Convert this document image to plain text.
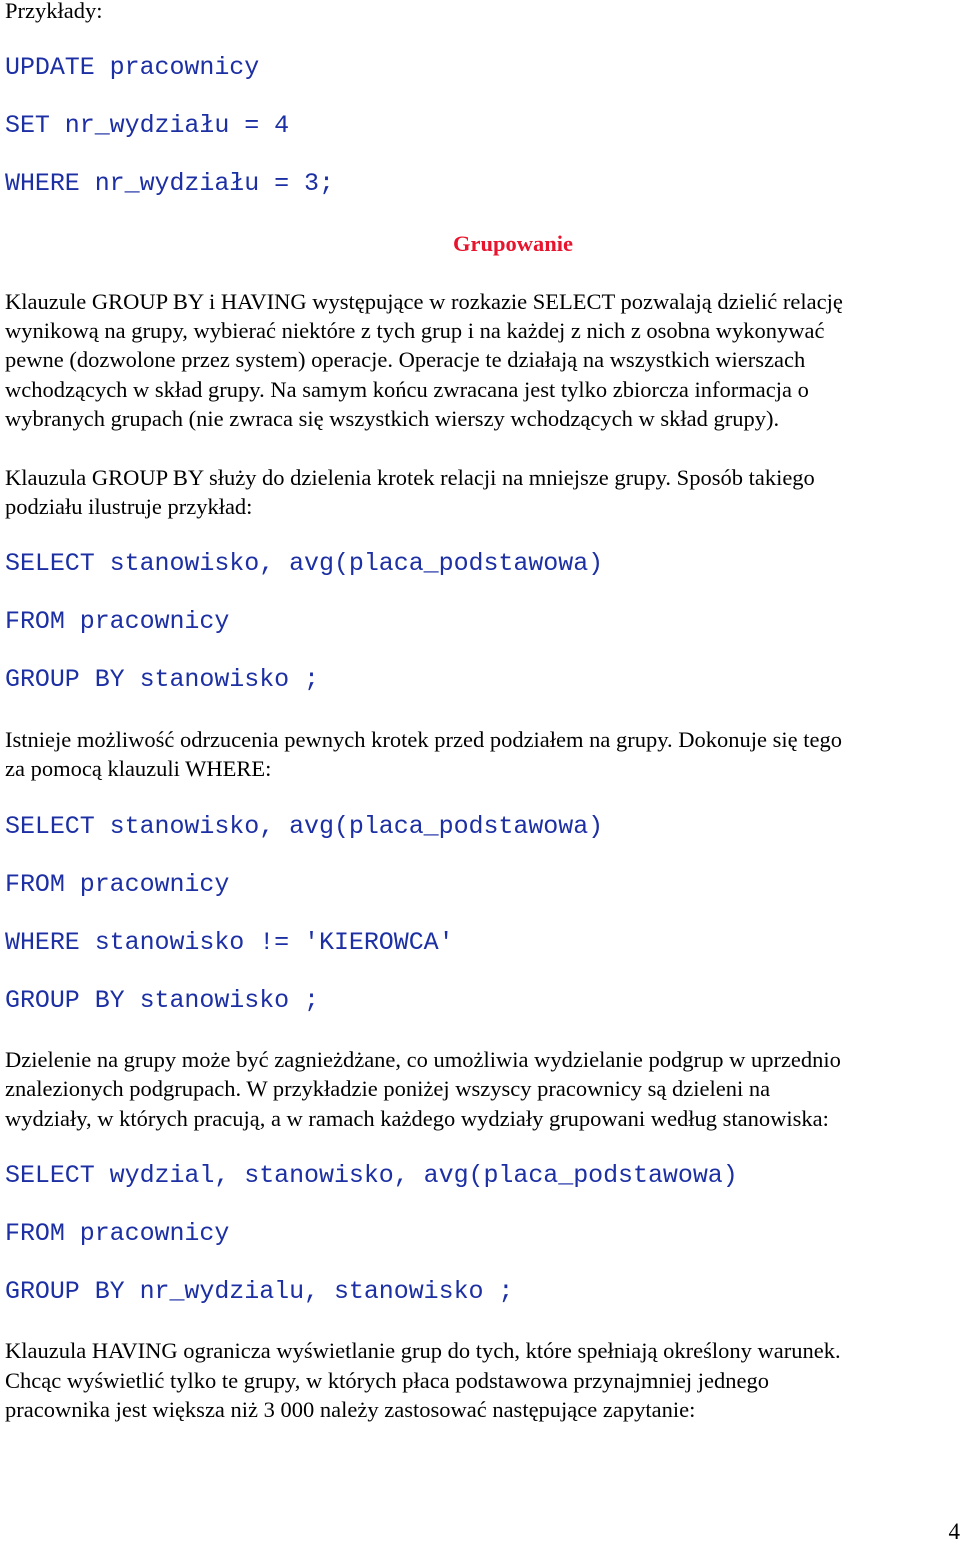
Przykłady:
UPDATE pracownicy
SET nr_wydziału = 4
WHERE nr_wydziału = 3;
Grupowanie
Klauzule GROUP BY i HAVING występujące w rozkazie SELECT pozwalają dzielić relację
wynikową na grupy, wybierać niektóre z tych grup i na każdej z nich z osobna wykonywać
pewne (dozwolone przez system) operacje. Operacje te działają na wszystkich wierszach
wchodzących w skład grupy. Na samym końcu zwracana jest tylko zbiorcza informacja o
wybranych grupach (nie zwraca się wszystkich wierszy wchodzących w skład grupy).
Klauzula GROUP BY służy do dzielenia krotek relacji na mniejsze grupy. Sposób takiego
podziału ilustruje przykład:
SELECT stanowisko, avg(placa_podstawowa)
FROM pracownicy
GROUP BY stanowisko ;
Istnieje możliwość odrzucenia pewnych krotek przed podziałem na grupy. Dokonuje się tego
za pomocą klauzuli WHERE:
SELECT stanowisko, avg(placa_podstawowa)
FROM pracownicy
WHERE stanowisko != 'KIEROWCA'
GROUP BY stanowisko ;
Dzielenie na grupy może być zagnieżdżane, co umożliwia wydzielanie podgrup w uprzednio
znalezionych podgrupach. W przykładzie poniżej wszyscy pracownicy są dzieleni na
wydziały, w których pracują, a w ramach każdego wydziały grupowani według stanowiska:
SELECT wydzial, stanowisko, avg(placa_podstawowa)
FROM pracownicy
GROUP BY nr_wydzialu, stanowisko ;
Klauzula HAVING ogranicza wyświetlanie grup do tych, które spełniają określony warunek.
Chcąc wyświetlić tylko te grupy, w których płaca podstawowa przynajmniej jednego
pracownika jest większa niż 3 000 należy zastosować następujące zapytanie:
4
